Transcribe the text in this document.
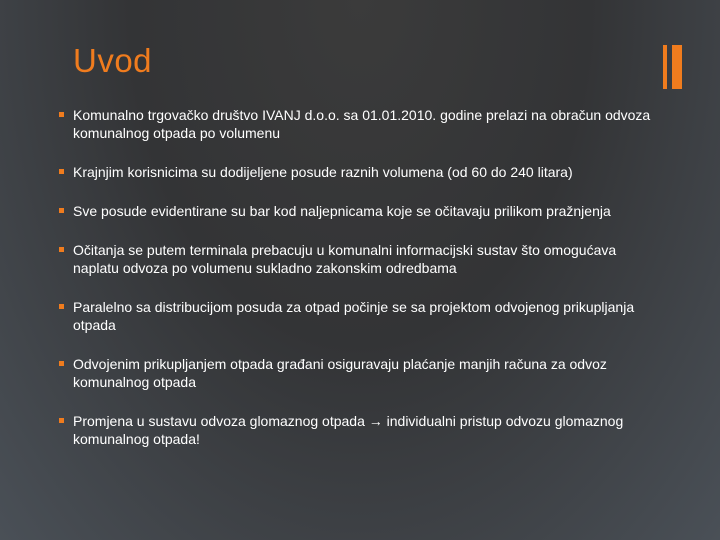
Uvod
Komunalno trgovačko društvo IVANJ d.o.o. sa 01.01.2010. godine prelazi na obračun odvoza komunalnog otpada po volumenu
Krajnjim korisnicima su dodijeljene posude raznih volumena (od 60 do 240 litara)
Sve posude evidentirane su bar kod naljepnicama koje se očitavaju prilikom pražnjenja
Očitanja se putem terminala prebacuju u komunalni informacijski sustav što omogućava naplatu odvoza po volumenu sukladno zakonskim odredbama
Paralelno sa distribucijom posuda za otpad počinje se sa projektom odvojenog prikupljanja otpada
Odvojenim prikupljanjem otpada građani osiguravaju plaćanje manjih računa za odvoz komunalnog otpada
Promjena u sustavu odvoza glomaznog otpada → individualni pristup odvozu glomaznog komunalnog otpada!
